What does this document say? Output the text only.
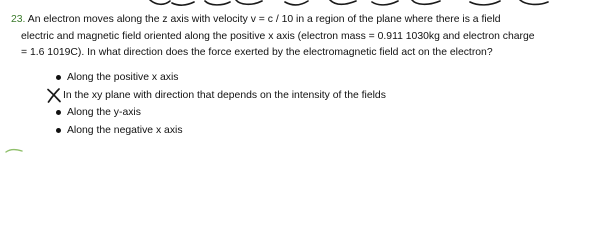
23. An electron moves along the z axis with velocity v = c / 10 in a region of the plane where there is a field
electric and magnetic field oriented along the positive x axis (electron mass = 0.911 1030kg and electron charge
= 1.6 1019C). In what direction does the force exerted by the electromagnetic field act on the electron?
Along the positive x axis
In the xy plane with direction that depends on the intensity of the fields
Along the y-axis
Along the negative x axis
